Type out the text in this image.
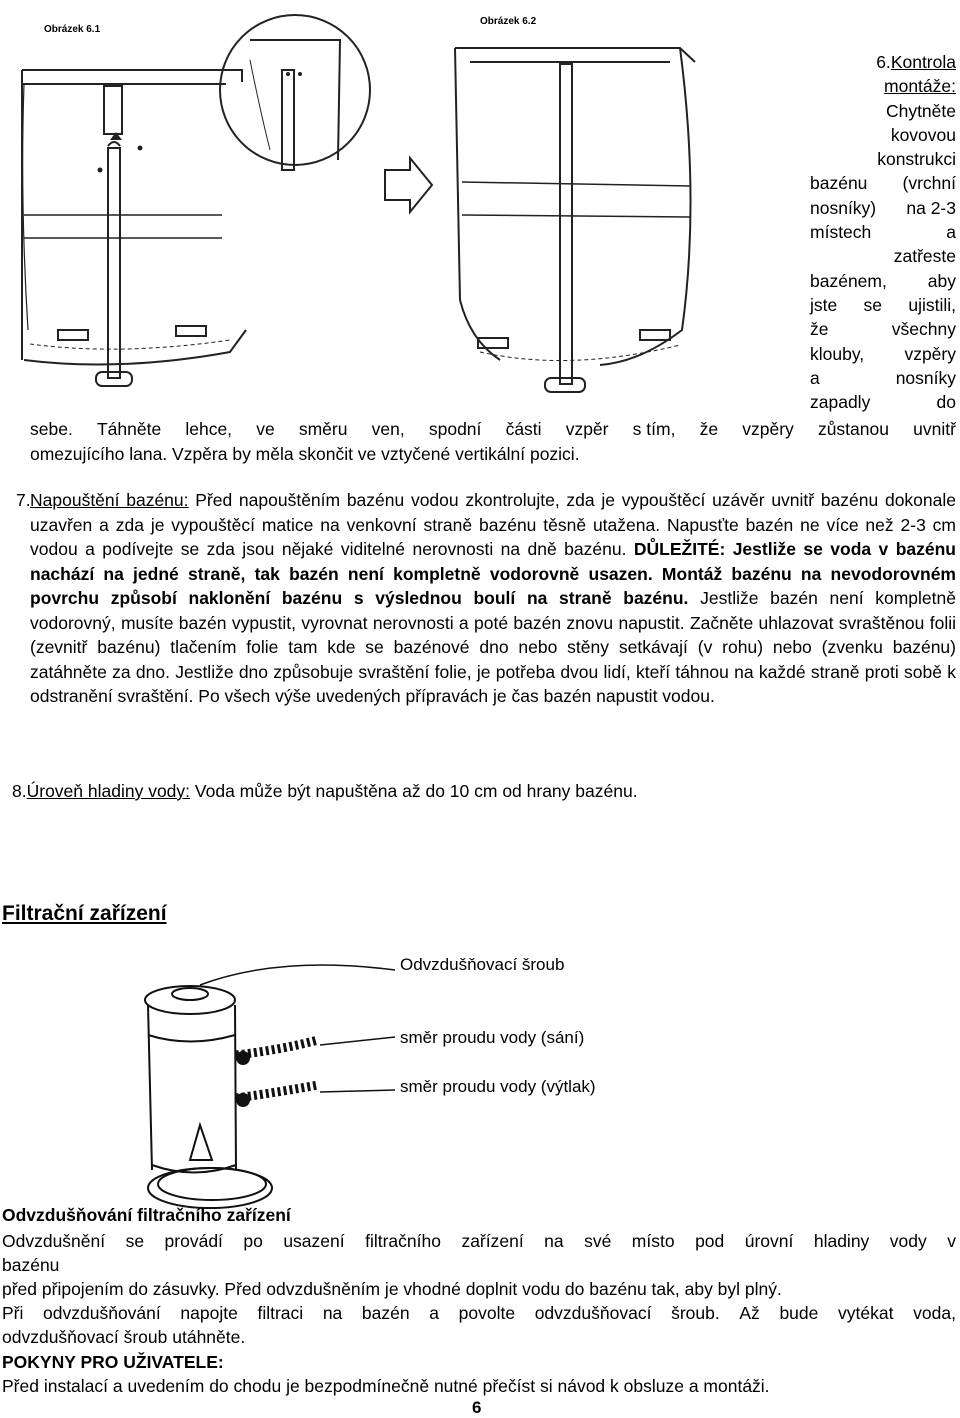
Obrázek 6.1
Obrázek 6.2
6.Kontrola
montáže:
Chytněte
kovovou
konstrukci
bazénu (vrchní
nosníky) na 2-3
místech	a
zatřeste
bazénem, aby
jste se ujistili,
že	všechny
klouby, vzpěry
a	nosníky
zapadly	do
sebe. Táhněte lehce, ve směru ven, spodní části vzpěr s tím, že vzpěry zůstanou uvnitř
omezujícího lana. Vzpěra by měla skončit ve vztyčené vertikální pozici.
7. Napouštění bazénu: Před napouštěním bazénu vodou zkontrolujte, zda je vypouštěcí uzávěr uvnitř bazénu dokonale uzavřen a zda je vypouštěcí matice na venkovní straně bazénu těsně utažena. Napusťte bazén ne více než 2-3 cm vodou a podívejte se zda jsou nějaké viditelné nerovnosti na dně bazénu. DŮLEŽITÉ: Jestliže se voda v bazénu nachází na jedné straně, tak bazén není kompletně vodorovně usazen. Montáž bazénu na nevodorovném povrchu způsobí naklonění bazénu s výslednou boulí na straně bazénu. Jestliže bazén není kompletně vodorovný, musíte bazén vypustit, vyrovnat nerovnosti a poté bazén znovu napustit. Začněte uhlazovat svraštěnou folii (zevnitř bazénu) tlačením folie tam kde se bazénové dno nebo stěny setkávají (v rohu) nebo (zvenku bazénu) zatáhněte za dno. Jestliže dno způsobuje svraštění folie, je potřeba dvou lidí, kteří táhnou na každé straně proti sobě k odstranění svraštění. Po všech výše uvedených přípravách je čas bazén napustit vodou.
8.Úroveň hladiny vody: Voda může být napuštěna až do 10 cm od hrany bazénu.
Filtrační zařízení
Odvzdušňovací šroub
směr proudu vody (sání)
směr proudu vody (výtlak)
Odvzdušňování filtračního zařízení
Odvzdušnění se provádí po usazení filtračního zařízení na své místo pod úrovní hladiny vody v
bazénu
před připojením do zásuvky. Před odvzdušněním je vhodné doplnit vodu do bazénu tak, aby byl plný.
Při odvzdušňování napojte filtraci na bazén a povolte odvzdušňovací šroub. Až bude vytékat voda,
odvzdušňovací šroub utáhněte.
POKYNY PRO UŽIVATELE:
Před instalací a uvedením do chodu je bezpodmínečně nutné přečíst si návod k obsluze a montáži.
6
